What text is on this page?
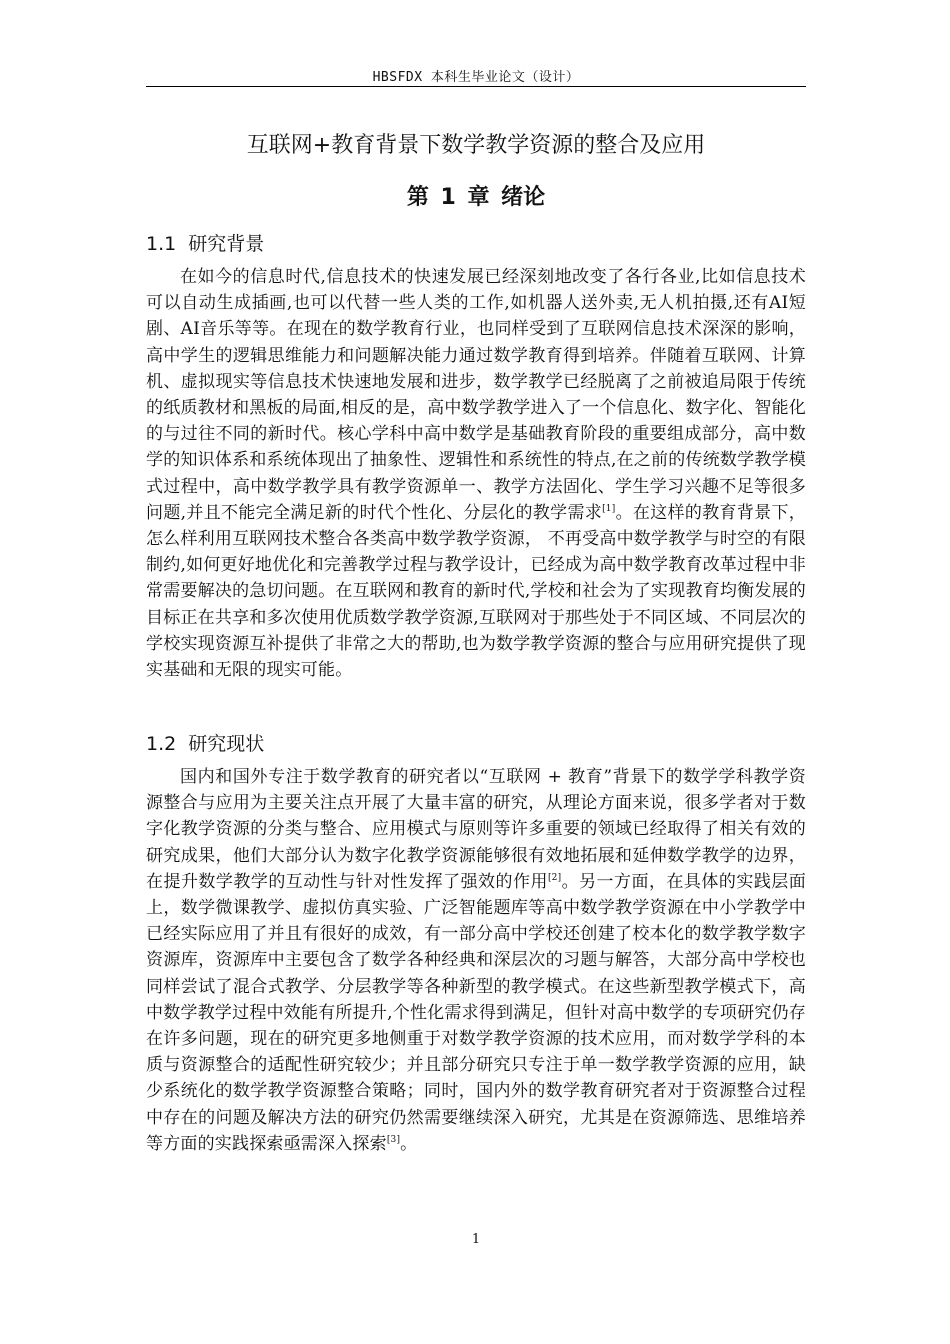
HBSFDX 本科生毕业论文（设计）
互联网+教育背景下数学教学资源的整合及应用
第 1 章 绪论
1.1 研究背景

在如今的信息时代,信息技术的快速发展已经深刻地改变了各行各业,比如信息技术可以自动生成插画,也可以代替一些人类的工作,如机器人送外卖,无人机拍摄,还有AI短剧、AI音乐等等。在现在的数学教育行业，也同样受到了互联网信息技术深深的影响，高中学生的逻辑思维能力和问题解决能力通过数学教育得到培养。伴随着互联网、计算机、虚拟现实等信息技术快速地发展和进步，数学教学已经脱离了之前被追局限于传统的纸质教材和黑板的局面,相反的是，高中数学教学进入了一个信息化、数字化、智能化的与过往不同的新时代。核心学科中高中数学是基础教育阶段的重要组成部分，高中数学的知识体系和系统体现出了抽象性、逻辑性和系统性的特点,在之前的传统数学教学模式过程中，高中数学教学具有教学资源单一、教学方法固化、学生学习兴趣不足等很多问题,并且不能完全满足新的时代个性化、分层化的教学需求[1]。在这样的教育背景下，怎么样利用互联网技术整合各类高中数学教学资源， 不再受高中数学教学与时空的有限制约,如何更好地优化和完善教学过程与教学设计，已经成为高中数学教育改革过程中非常需要解决的急切问题。在互联网和教育的新时代,学校和社会为了实现教育均衡发展的目标正在共享和多次使用优质数学教学资源,互联网对于那些处于不同区域、不同层次的学校实现资源互补提供了非常之大的帮助,也为数学教学资源的整合与应用研究提供了现实基础和无限的现实可能。

1.2 研究现状

国内和国外专注于数学教育的研究者以“互联网 + 教育”背景下的数学学科教学资源整合与应用为主要关注点开展了大量丰富的研究，从理论方面来说，很多学者对于数字化教学资源的分类与整合、应用模式与原则等许多重要的领域已经取得了相关有效的研究成果，他们大部分认为数字化教学资源能够很有效地拓展和延伸数学教学的边界，在提升数学教学的互动性与针对性发挥了强效的作用[2]。另一方面，在具体的实践层面上，数学微课教学、虚拟仿真实验、广泛智能题库等高中数学教学资源在中小学教学中已经实际应用了并且有很好的成效，有一部分高中学校还创建了校本化的数学教学数字资源库，资源库中主要包含了数学各种经典和深层次的习题与解答，大部分高中学校也同样尝试了混合式教学、分层教学等各种新型的教学模式。在这些新型教学模式下，高中数学教学过程中效能有所提升,个性化需求得到满足，但针对高中数学的专项研究仍存在许多问题，现在的研究更多地侧重于对数学教学资源的技术应用，而对数学学科的本质与资源整合的适配性研究较少；并且部分研究只专注于单一数学教学资源的应用，缺少系统化的数学教学资源整合策略；同时，国内外的数学教育研究者对于资源整合过程中存在的问题及解决方法的研究仍然需要继续深入研究，尤其是在资源筛选、思维培养等方面的实践探索亟需深入探索[3]。

1
